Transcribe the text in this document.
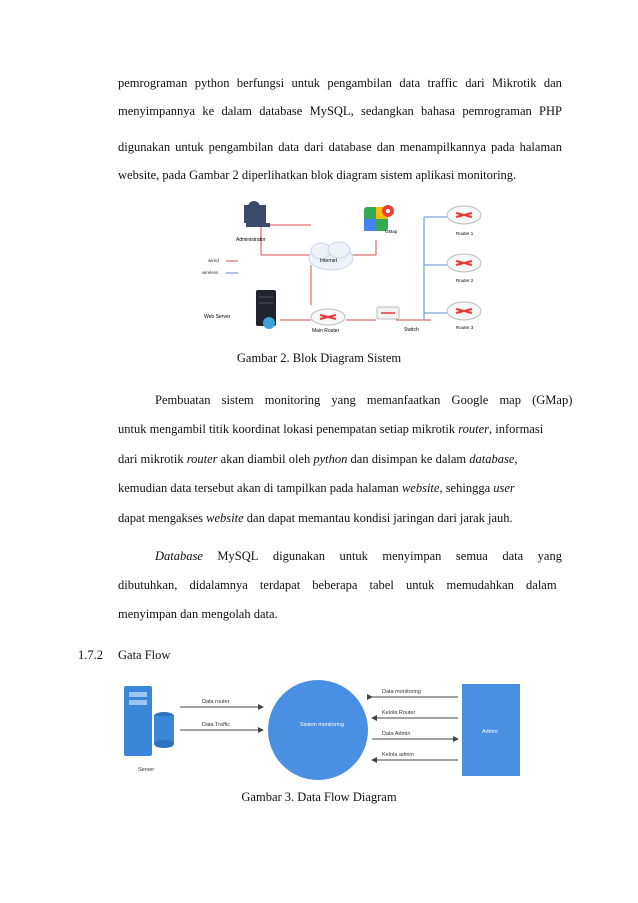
pemrograman python berfungsi untuk pengambilan data traffic dari Mikrotik dan
menyimpannya ke dalam database MySQL, sedangkan bahasa pemrograman PHP
digunakan untuk pengambilan data dari database dan menampilkannya pada halaman
website, pada Gambar 2 diperlihatkan blok diagram sistem aplikasi monitoring.
Administrator
wired
wireless
Internet
GMap
Web Server
Main Router	Switch
Router 1
Router 2
Router 3
Gambar 2. Blok Diagram Sistem
Pembuatan sistem monitoring yang memanfaatkan Google map (GMap)
untuk mengambil titik koordinat lokasi penempatan setiap mikrotik router, informasi
dari mikrotik router akan diambil oleh python dan disimpan ke dalam database,
kemudian data tersebut akan di tampilkan pada halaman website, sehingga user
dapat mengakses website dan dapat memantau kondisi jaringan dari jarak jauh.
Database MySQL digunakan untuk menyimpan semua data yang
dibutuhkan, didalamnya terdapat beberapa tabel untuk memudahkan dalam
menyimpan dan mengolah data.
1.7.2 Gata Flow
Server
Data router
Data Traffic	Sistem monitoring
Data monitoring
Kelola Router
Data Admin
Kelola admin
Admin
Gambar 3. Data Flow Diagram
